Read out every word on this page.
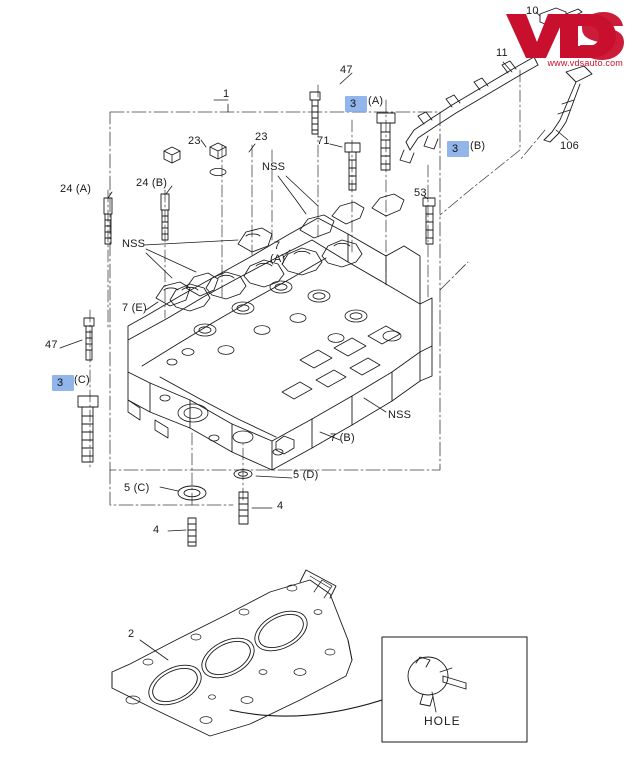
www.vdsauto.com
3
3
3
1
2
(A)
(B)
(C)
4
4
5 (C)
5 (D)
7
(A)
7 (B)
7 (E)
10
11
23	23
24 (A)	24 (B)
47
47
53
71	106
NSS
NSS
NSS
HOLE
